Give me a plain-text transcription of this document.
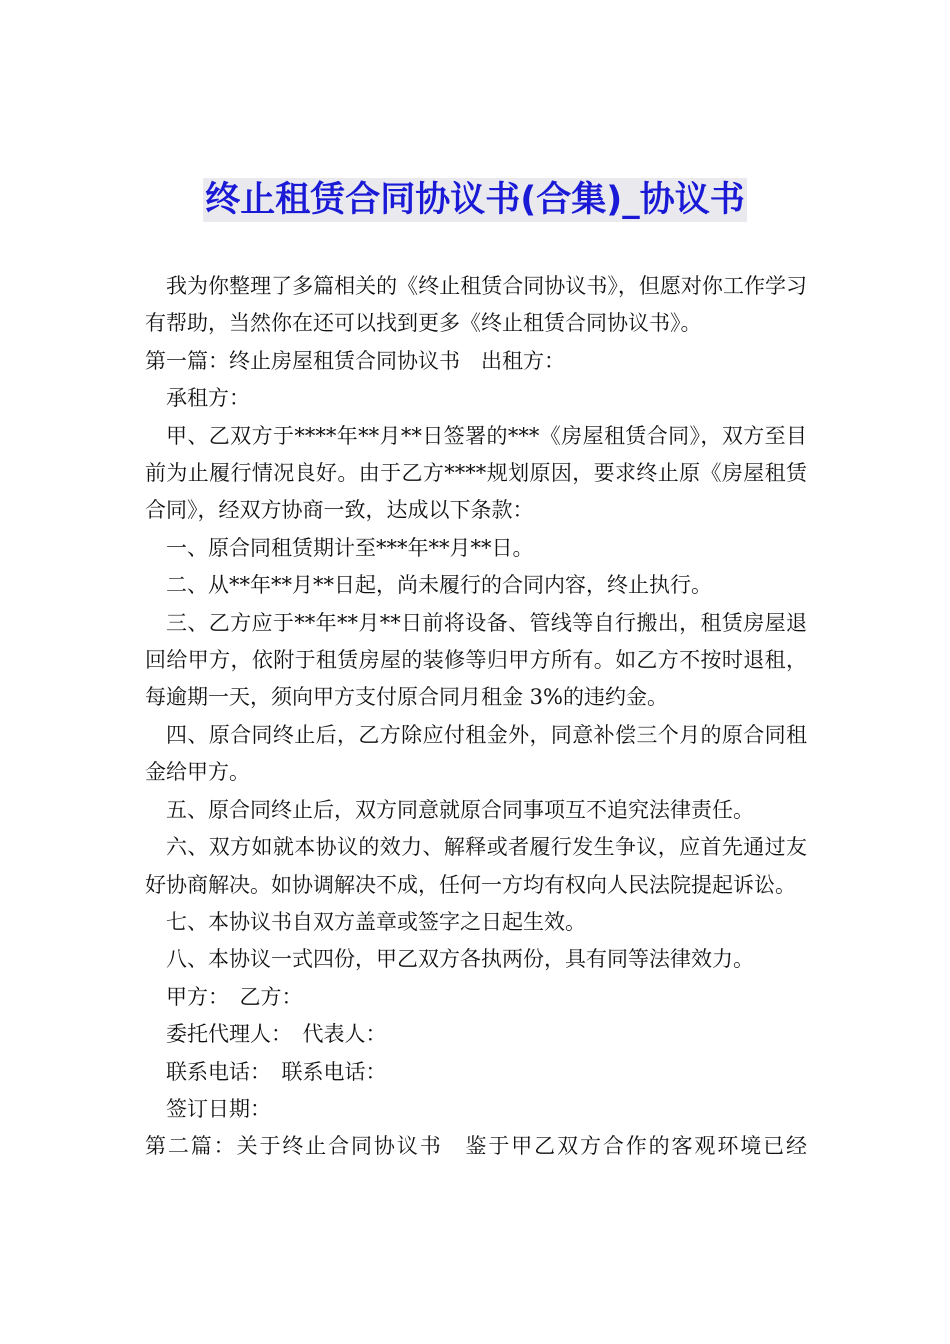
终止租赁合同协议书(合集)_协议书

我为你整理了多篇相关的《终止租赁合同协议书》，但愿对你工作学习有帮助，当然你在还可以找到更多《终止租赁合同协议书》。

第一篇：终止房屋租赁合同协议书　出租方：

承租方：

甲、乙双方于****年**月**日签署的***《房屋租赁合同》，双方至目前为止履行情况良好。由于乙方****规划原因，要求终止原《房屋租赁合同》，经双方协商一致，达成以下条款：

一、原合同租赁期计至***年**月**日。

二、从**年**月**日起，尚未履行的合同内容，终止执行。

三、乙方应于**年**月**日前将设备、管线等自行搬出，租赁房屋退回给甲方，依附于租赁房屋的装修等归甲方所有。如乙方不按时退租，每逾期一天，须向甲方支付原合同月租金 3%的违约金。

四、原合同终止后，乙方除应付租金外，同意补偿三个月的原合同租金给甲方。

五、原合同终止后，双方同意就原合同事项互不追究法律责任。

六、双方如就本协议的效力、解释或者履行发生争议，应首先通过友好协商解决。如协调解决不成，任何一方均有权向人民法院提起诉讼。

七、本协议书自双方盖章或签字之日起生效。

八、本协议一式四份，甲乙双方各执两份，具有同等法律效力。

甲方：　乙方：

委托代理人：　代表人：

联系电话：　联系电话：

签订日期：

第二篇：关于终止合同协议书　鉴于甲乙双方合作的客观环境已经
